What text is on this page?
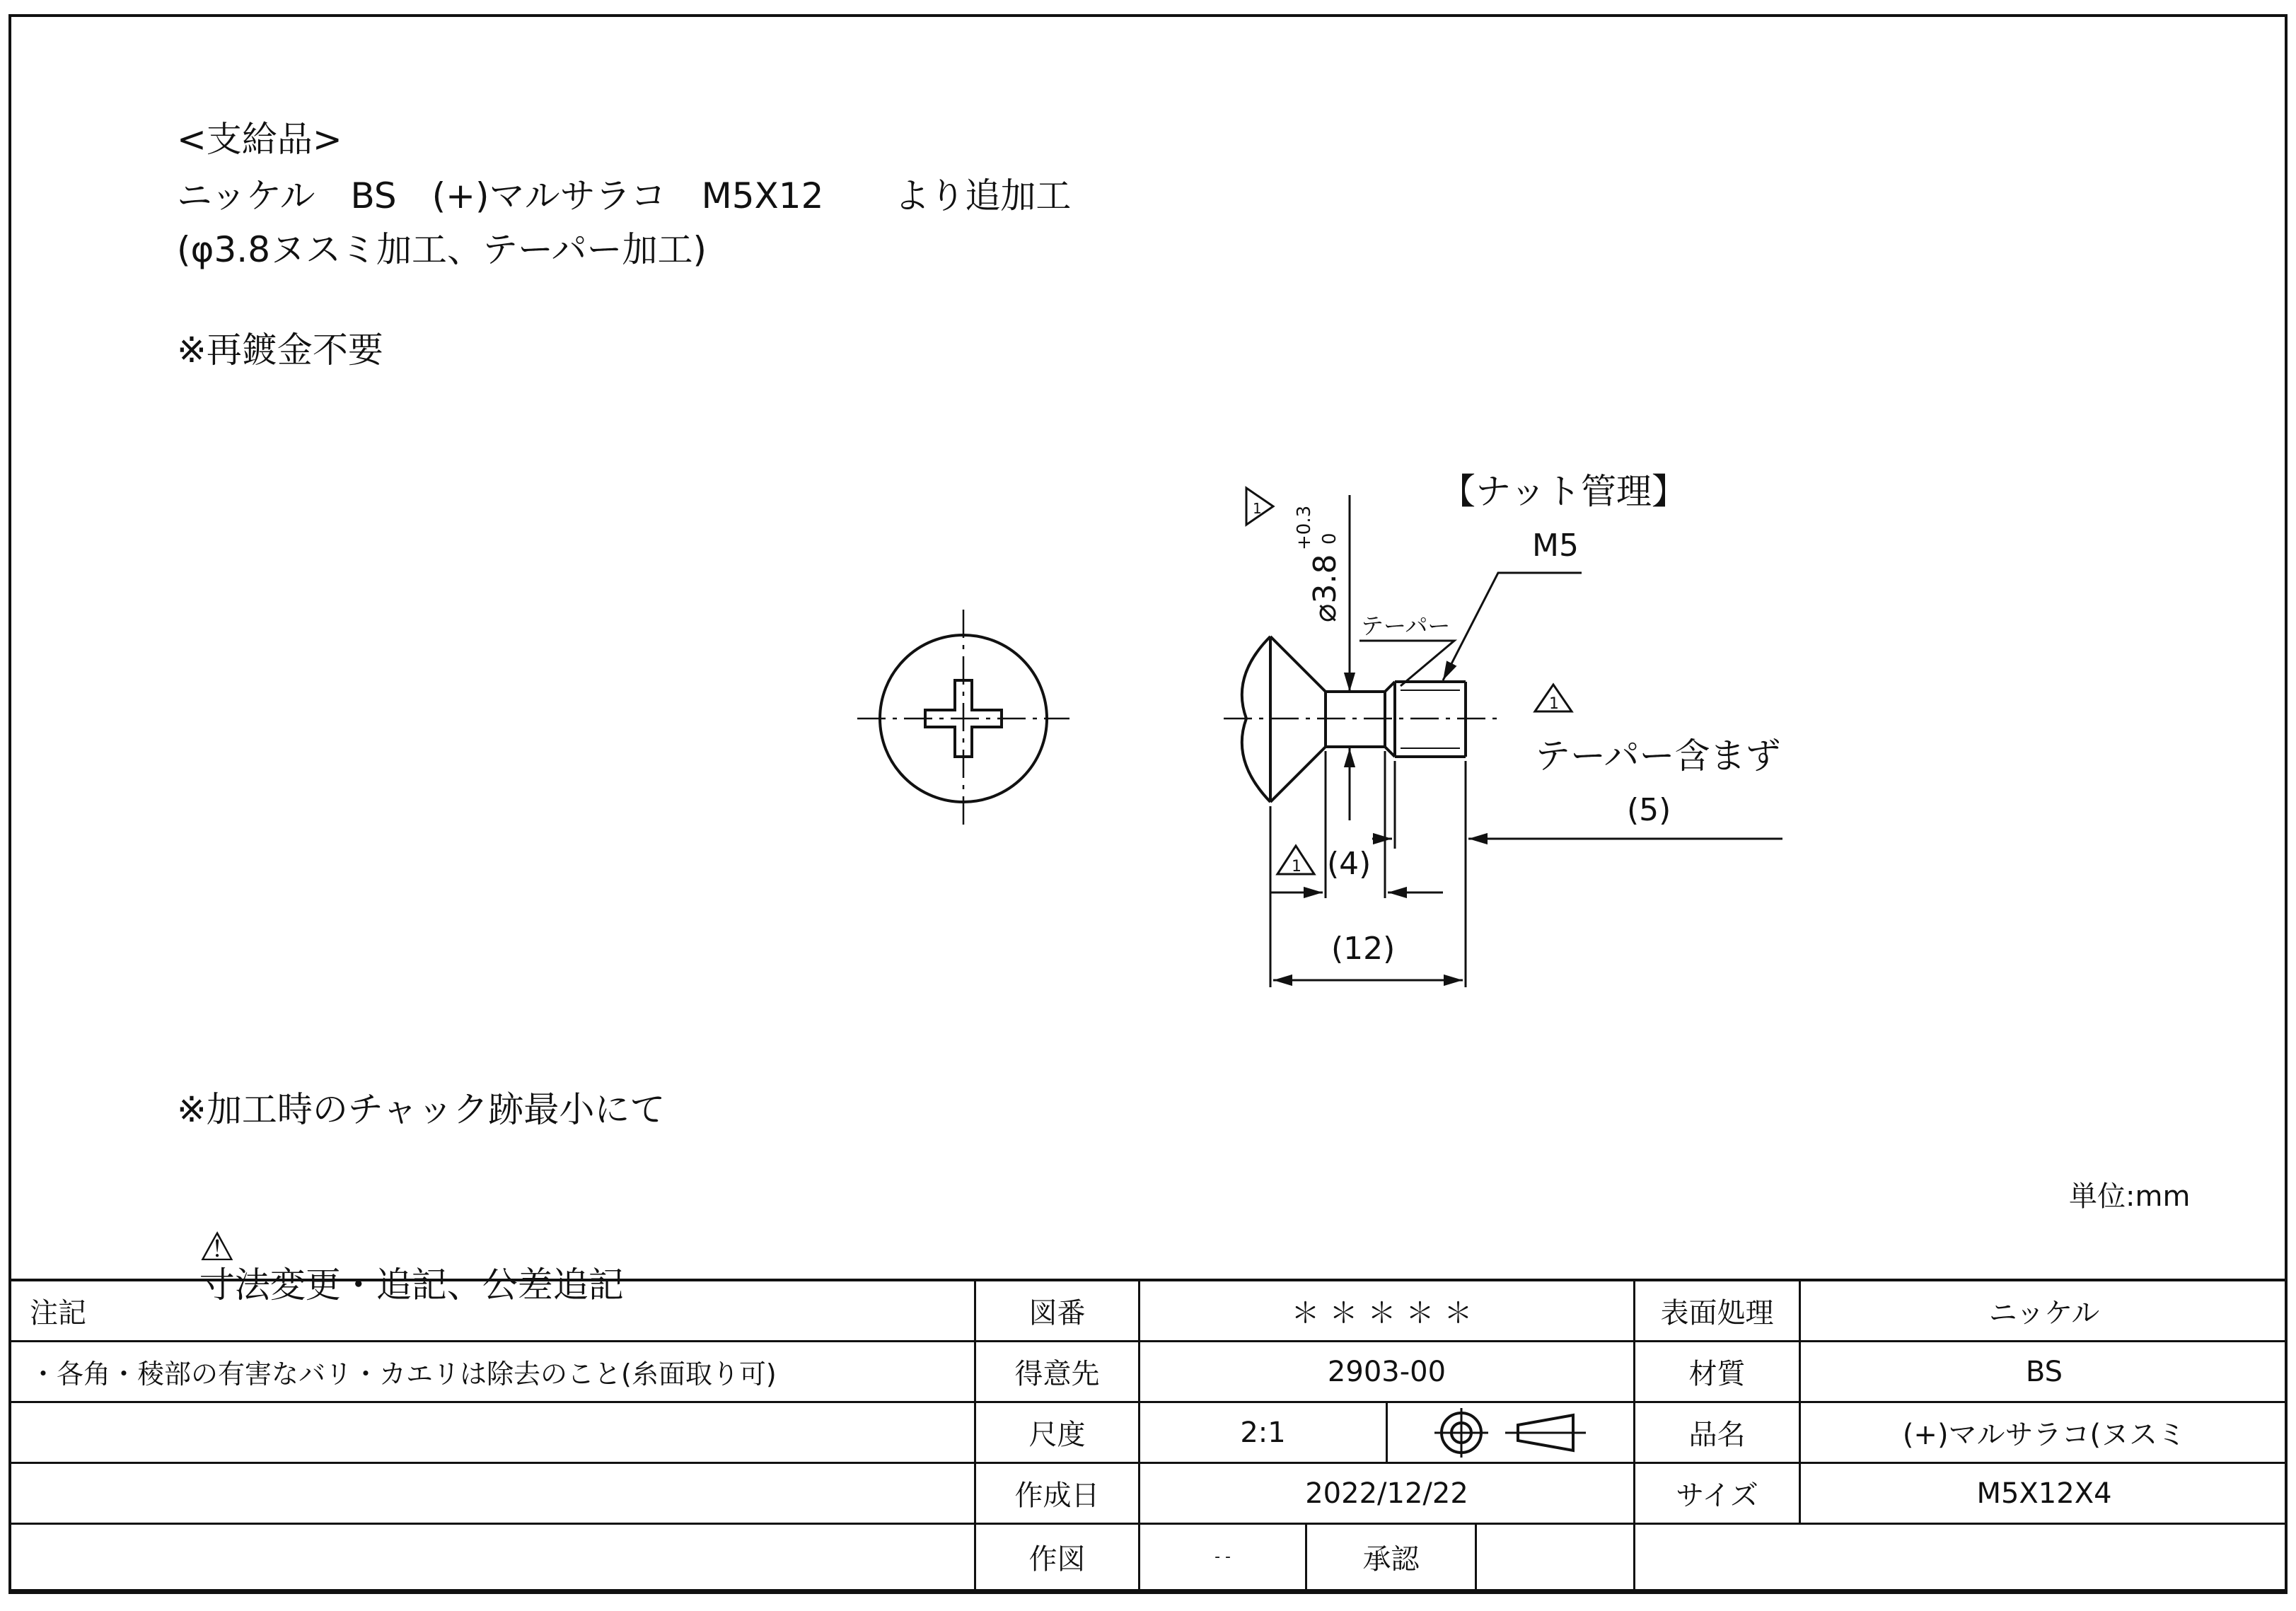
<支給品>
ニッケル　BS　(+)マルサラコ　M5X12　　より追加工
(φ3.8ヌスミ加工、テーパー加工)
※再鍍金不要
※加工時のチャック跡最小にて

⚠
寸法変更・追記、公差追記

単位:mm
【ナット管理】
M5
テーパー
⌀3.8
+0.3 0
1
1
1
テーパー含まず
(5)
(4)
(12)
注記
・各角・稜部の有害なバリ・カエリは除去のこと(糸面取り可)
図番
得意先
尺度
作成日
作図
＊＊＊＊＊
2903-00
2:1
2022/12/22
‐ ‐	承認
表面処理
材質
品名
サイズ
ニッケル
BS
(+)マルサラコ(ヌスミ
M5X12X4
